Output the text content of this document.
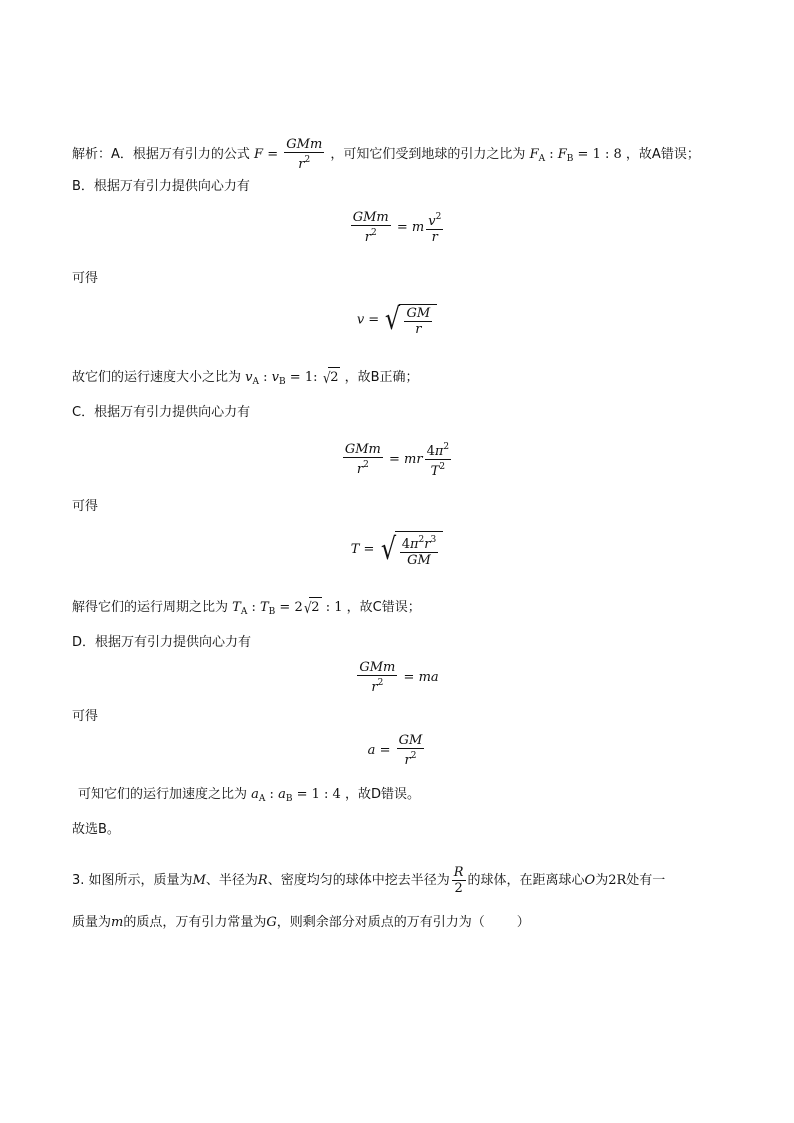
解析：A．根据万有引力的公式 $F = \frac{\text{GMm}}{r^2}$ ，可知它们受到地球的引力之比为 $F_A$ : $F_B = 1$ : 8 ，故A错误；
B．根据万有引力提供向心力有
$\frac{\text{GMm}}{r^2} = m \frac{v^2}{r}$
可得
v = √ $\frac{GM}{r}$
故它们的运行速度大小之比为 $v_A$ : $v_B = 1$: √2 ，故B正确；
C．根据万有引力提供向心力有
$\frac{\text{GMm}}{r^2}$ = mr $\frac{4\pi^2}{T^2}$
可得
T = √ $\frac{4\pi^2r^3}{GM}$
解得它们的运行周期之比为 $T_A$ : $T_B = 2√2$ : 1 ，故C错误；
D．根据万有引力提供向心力有
$\frac{\text{GMm}}{r^2}$ = ma
可得
$a = \frac{GM}{r^2}$
可知它们的运行加速度之比为 $a_A$ : $a_B = 1$ : 4 ，故D错误。
故选B。
3. 如图所示，质量为M、半径为R、密度均匀的球体中挖去半径为 $\frac{R}{2}$ 的球体，在距离球心O为2R处有一
质量为m的质点，万有引力常量为G，则剩余部分对质点的万有引力为（ ）
